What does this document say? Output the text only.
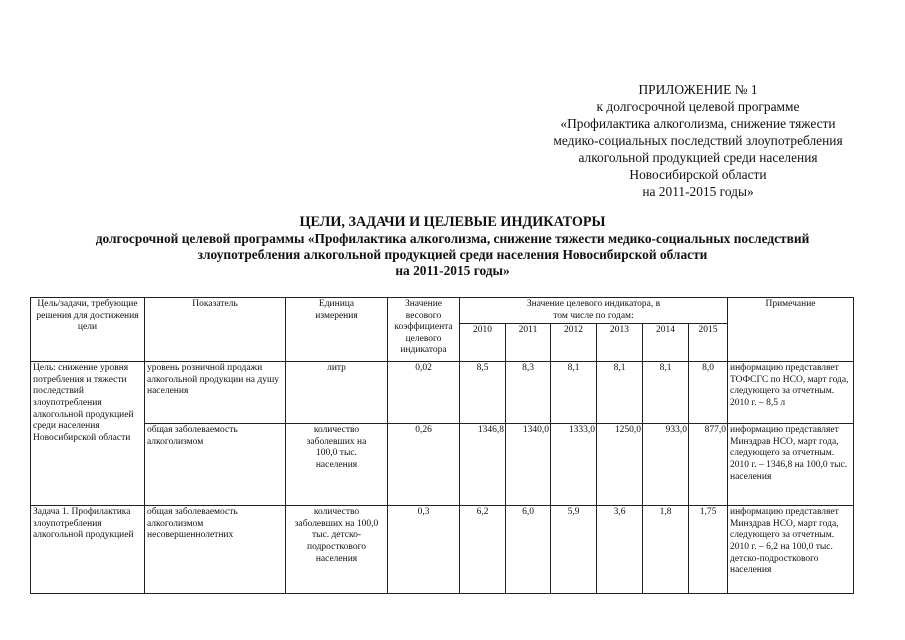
ПРИЛОЖЕНИЕ № 1
к долгосрочной целевой программе
«Профилактика алкоголизма, снижение тяжести
медико-социальных последствий злоупотребления
алкогольной продукцией среди населения
Новосибирской области
на 2011-2015 годы»
ЦЕЛИ, ЗАДАЧИ И ЦЕЛЕВЫЕ ИНДИКАТОРЫ
долгосрочной целевой программы «Профилактика алкоголизма, снижение тяжести медико-социальных последствий
злоупотребления алкогольной продукцией среди населения Новосибирской области
на 2011-2015 годы»
Цель/задачи, требующие решения для достижения цели	Показатель	Единица измерения	Значение весового коэффициента целевого индикатора	Значение целевого индикатора, в том числе по годам:						Примечание
				2010	2011	2012	2013	2014	2015	
Цель: снижение уровня потребления и тяжести последствий злоупотребления алкогольной продукцией среди населения Новосибирской области	уровень розничной продажи алкогольной продукции на душу населения	литр	0,02	8,5	8,3	8,1	8,1	8,1	8,0	информацию представляет ТОФСГС по НСО, март года, следующего за отчетным. 2010 г. – 8,5 л
	общая заболеваемость алкоголизмом	количество заболевших на 100,0 тыс. населения	0,26	1346,8	1340,0	1333,0	1250,0	933,0	877,0	информацию представляет Минздрав НСО, март года, следующего за отчетным. 2010 г. – 1346,8 на 100,0 тыс. населения
Задача 1. Профилактика злоупотребления алкогольной продукцией	общая заболеваемость алкоголизмом несовершеннолетних	количество заболевших на 100,0 тыс. детско-подросткового населения	0,3	6,2	6,0	5,9	3,6	1,8	1,75	информацию представляет Минздрав НСО, март года, следующего за отчетным. 2010 г. – 6,2 на 100,0 тыс. детско-подросткового населения
